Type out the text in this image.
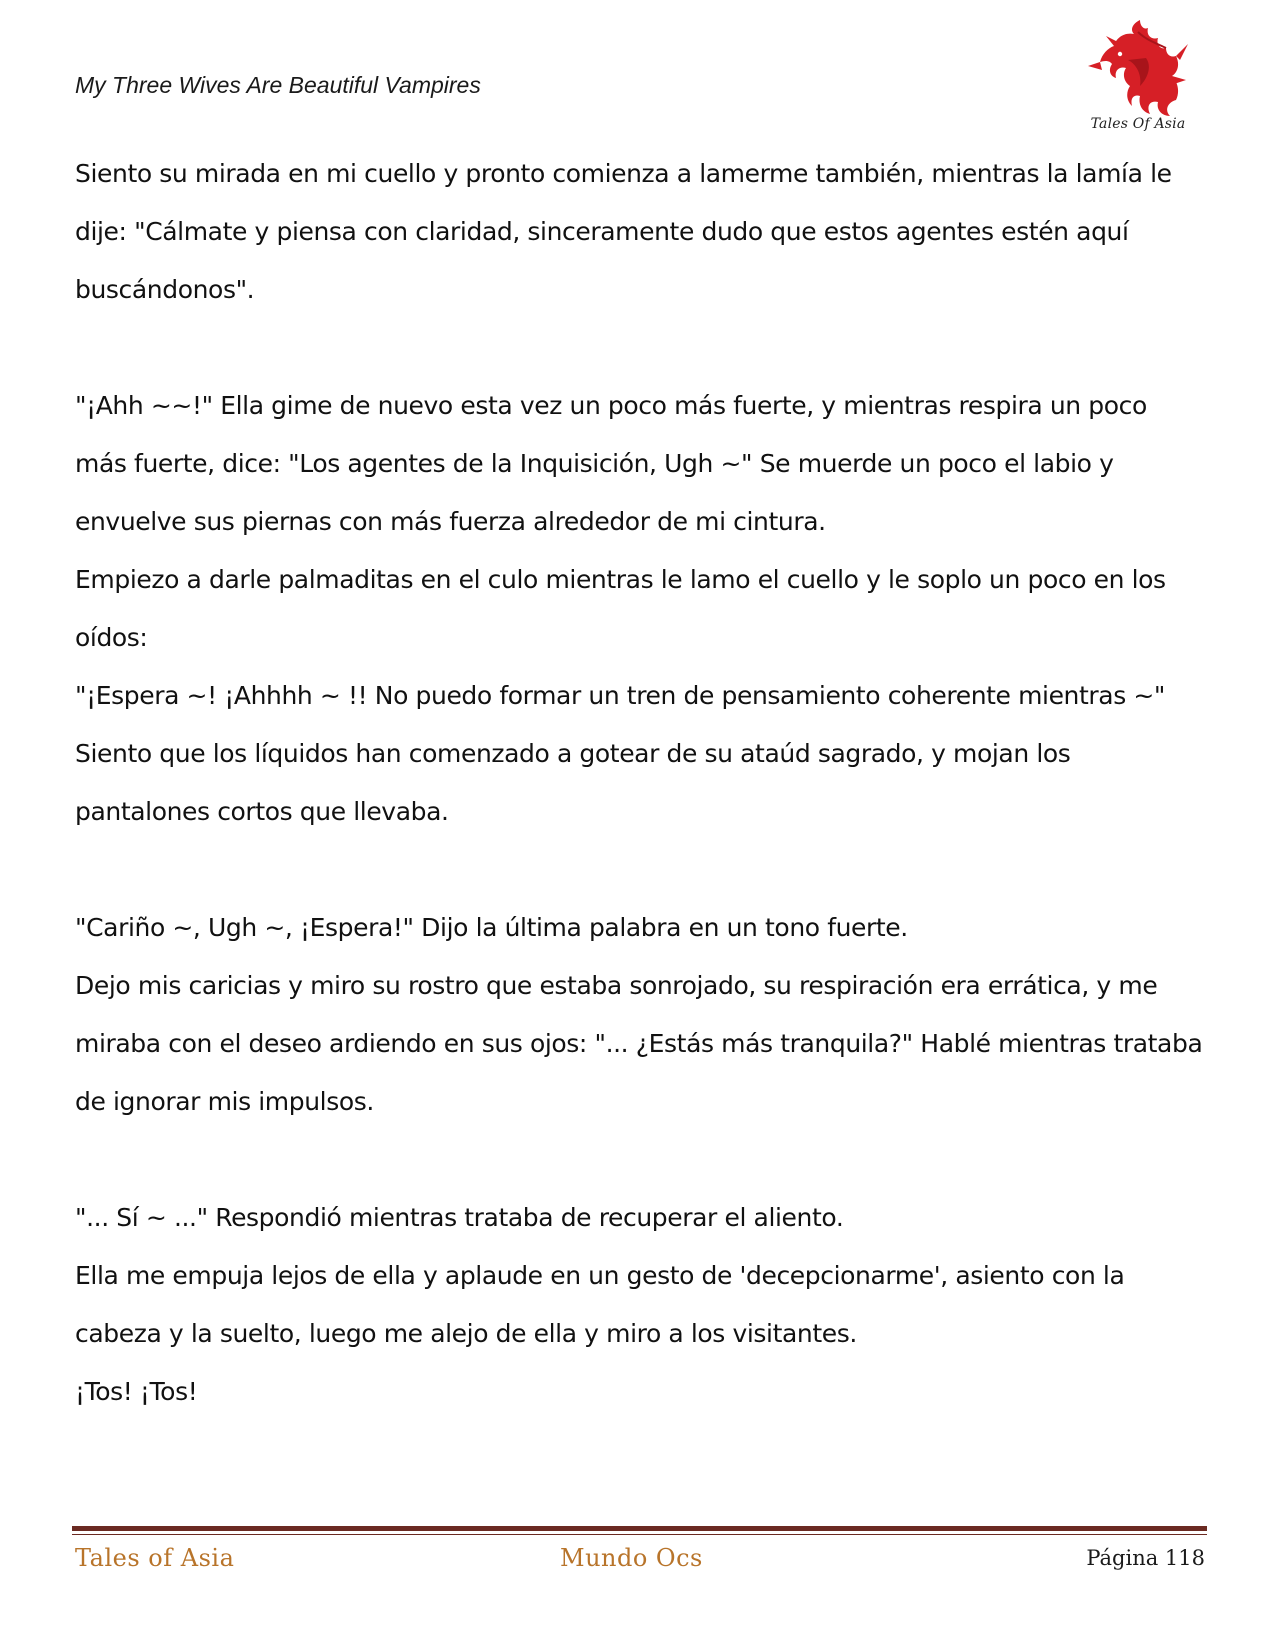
My Three Wives Are Beautiful Vampires
Tales Of Asia

Siento su mirada en mi cuello y pronto comienza a lamerme también, mientras la lamía le dije: "Cálmate y piensa con claridad, sinceramente dudo que estos agentes estén aquí buscándonos".

"¡Ahh ~~!" Ella gime de nuevo esta vez un poco más fuerte, y mientras respira un poco más fuerte, dice: "Los agentes de la Inquisición, Ugh ~" Se muerde un poco el labio y envuelve sus piernas con más fuerza alrededor de mi cintura.

Empiezo a darle palmaditas en el culo mientras le lamo el cuello y le soplo un poco en los oídos:

"¡Espera ~! ¡Ahhhh ~ !! No puedo formar un tren de pensamiento coherente mientras ~" Siento que los líquidos han comenzado a gotear de su ataúd sagrado, y mojan los pantalones cortos que llevaba.

"Cariño ~, Ugh ~, ¡Espera!" Dijo la última palabra en un tono fuerte.

Dejo mis caricias y miro su rostro que estaba sonrojado, su respiración era errática, y me miraba con el deseo ardiendo en sus ojos: "... ¿Estás más tranquila?" Hablé mientras trataba de ignorar mis impulsos.

"... Sí ~ ..." Respondió mientras trataba de recuperar el aliento.

Ella me empuja lejos de ella y aplaude en un gesto de 'decepcionarme', asiento con la cabeza y la suelto, luego me alejo de ella y miro a los visitantes.

¡Tos! ¡Tos!

Tales of Asia	Mundo Ocs	Página 118
